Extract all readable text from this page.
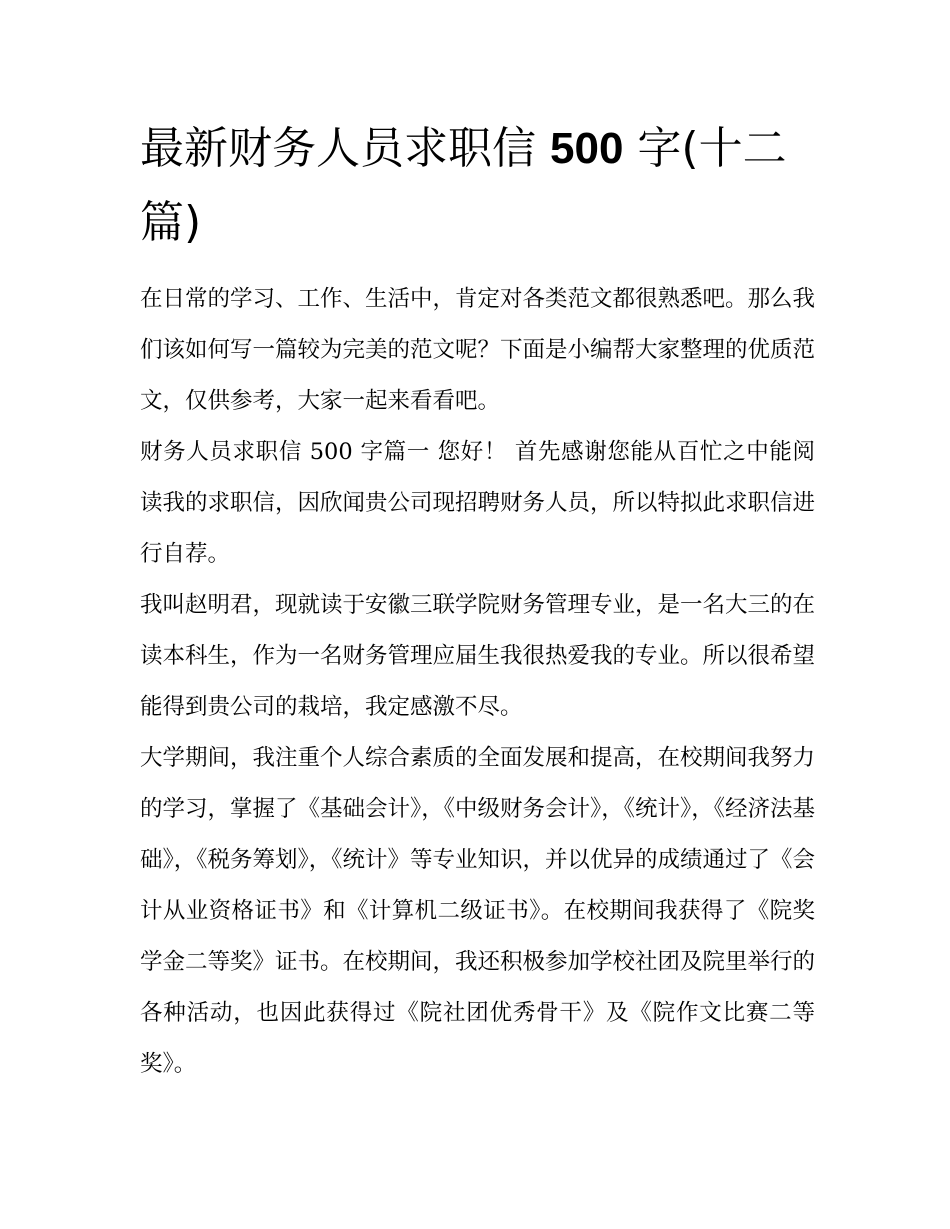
最新财务人员求职信 500 字(十二篇)

在日常的学习、工作、生活中，肯定对各类范文都很熟悉吧。那么我们该如何写一篇较为完美的范文呢？下面是小编帮大家整理的优质范文，仅供参考，大家一起来看看吧。

财务人员求职信 500 字篇一 您好！ 首先感谢您能从百忙之中能阅读我的求职信，因欣闻贵公司现招聘财务人员，所以特拟此求职信进行自荐。

我叫赵明君，现就读于安徽三联学院财务管理专业，是一名大三的在读本科生，作为一名财务管理应届生我很热爱我的专业。所以很希望能得到贵公司的栽培，我定感激不尽。

大学期间，我注重个人综合素质的全面发展和提高，在校期间我努力的学习，掌握了《基础会计》，《中级财务会计》，《统计》，《经济法基础》，《税务筹划》，《统计》等专业知识，并以优异的成绩通过了《会计从业资格证书》和《计算机二级证书》。在校期间我获得了《院奖学金二等奖》证书。在校期间，我还积极参加学校社团及院里举行的各种活动，也因此获得过《院社团优秀骨干》及《院作文比赛二等奖》。
